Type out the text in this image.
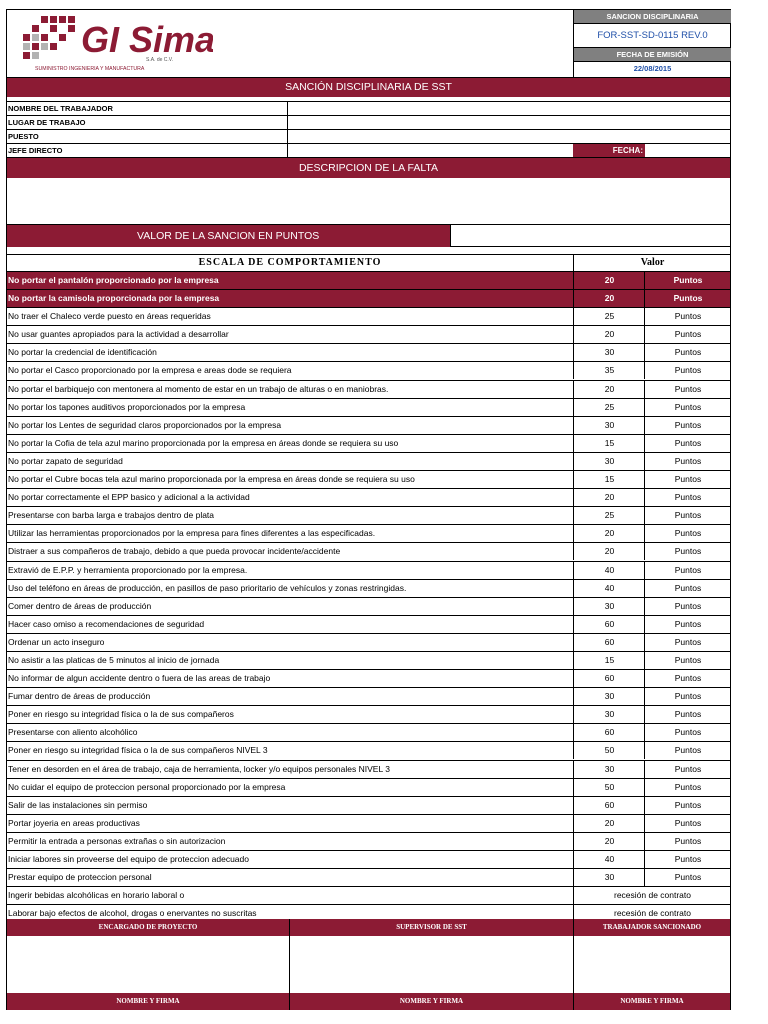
GI Sim
S.A. de C.V.
SUMINISTRO INGENIERIA Y MANUFACTURA
SANCION DISCIPLINARIA
FOR-SST-SD-0115 REV.0
FECHA DE EMISIÓN
22/08/2015
SANCIÓN DISCIPLINARIA DE SST
NOMBRE DEL TRABAJADOR
LUGAR DE TRABAJO
PUESTO
JEFE DIRECTO	FECHA:
DESCRIPCION DE LA FALTA
VALOR DE LA SANCION EN PUNTOS
ESCALA DE COMPORTAMIENTO	Valor
No portar el pantalón proporcionado por la empresa	20	Puntos
No portar la camisola proporcionada por la empresa	20	Puntos
No traer el Chaleco verde puesto en áreas requeridas	25	Puntos
No usar guantes apropiados para la actividad a desarrollar	20	Puntos
No portar la credencial de identificación	30	Puntos
No portar el Casco proporcionado por la empresa e areas dode se requiera	35	Puntos
No portar el barbiquejo con mentonera al momento de estar en un trabajo de alturas o en maniobras.	20	Puntos
No portar los tapones auditivos proporcionados por la empresa	25	Puntos
No portar los Lentes de seguridad claros proporcionados por la empresa	30	Puntos
No portar la Cofia de tela azul marino proporcionada por la empresa en áreas donde se requiera su uso	15	Puntos
No portar zapato de seguridad	30	Puntos
No portar el Cubre bocas tela azul marino proporcionada por la empresa en áreas donde se requiera su uso	15	Puntos
No portar correctamente el EPP basico y adicional a la actividad	20	Puntos
Presentarse con barba larga e trabajos dentro de plata	25	Puntos
Utilizar las herramientas proporcionados por la empresa para fines diferentes a las especificadas.	20	Puntos
Distraer a sus compañeros de trabajo, debido a que pueda provocar incidente/accidente	20	Puntos
Extravió de E.P.P. y herramienta proporcionado por la empresa.	40	Puntos
Uso del teléfono en áreas de producción, en pasillos de paso prioritario de vehículos y zonas restringidas.	40	Puntos
Comer dentro de áreas de producción	30	Puntos
Hacer caso omiso a recomendaciones de seguridad	60	Puntos
Ordenar un acto inseguro	60	Puntos
No asistir a las platicas de 5 minutos al inicio de jornada	15	Puntos
No informar de algun accidente dentro o fuera de las areas de trabajo	60	Puntos
Fumar dentro de áreas de producción	30	Puntos
Poner en riesgo su integridad física o la de sus compañeros	30	Puntos
Presentarse con aliento alcohólico	60	Puntos
Poner en riesgo su integridad física o la de sus compañeros NIVEL 3	50	Puntos
Tener en desorden en el área de trabajo, caja de herramienta, locker y/o equipos personales NIVEL 3	30	Puntos
No cuidar el equipo de proteccion personal proporcionado por la empresa	50	Puntos
Salir de las instalaciones sin permiso	60	Puntos
Portar joyeria en areas productivas	20	Puntos
Permitir la entrada a personas extrañas o sin autorizacion	20	Puntos
Iniciar labores sin proveerse del equipo de proteccion adecuado	40	Puntos
Prestar equipo de proteccion personal	30	Puntos
Ingerir bebidas alcohólicas en horario laboral o	recesión de contrato
Laborar bajo efectos de alcohol, drogas o enervantes no suscritas	recesión de contrato
ENCARGADO DE PROYECTO	SUPERVISOR DE SST	TRABAJADOR SANCIONADO
NOMBRE Y FIRMA	NOMBRE Y FIRMA	NOMBRE Y FIRMA
